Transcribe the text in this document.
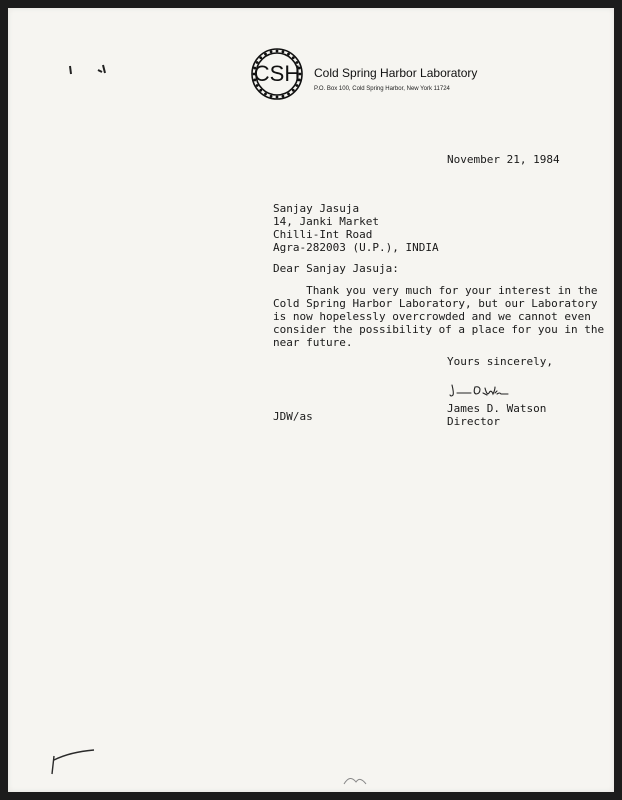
CSH	Cold Spring Harbor Laboratory
P.O. Box 100, Cold Spring Harbor, New York 11724
November 21, 1984
Sanjay Jasuja
14, Janki Market
Chilli-Int Road
Agra-282003 (U.P.), INDIA
Dear Sanjay Jasuja:
Thank you very much for your interest in the
Cold Spring Harbor Laboratory, but our Laboratory
is now hopelessly overcrowded and we cannot even
consider the possibility of a place for you in the
near future.
Yours sincerely,
James D. Watson
Director
JDW/as
